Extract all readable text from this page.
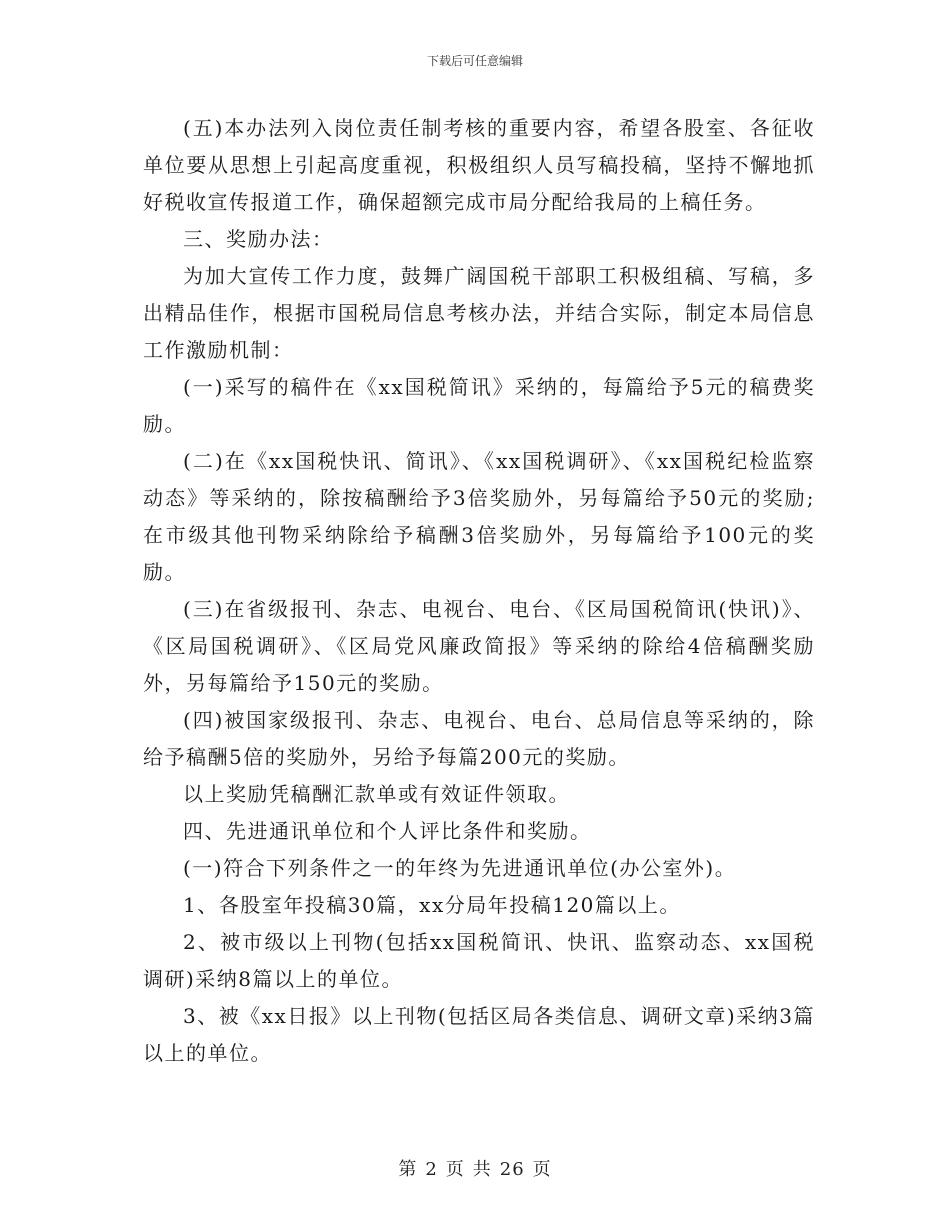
下载后可任意编辑

(五)本办法列入岗位责任制考核的重要内容，希望各股室、各征收单位要从思想上引起高度重视，积极组织人员写稿投稿，坚持不懈地抓好税收宣传报道工作，确保超额完成市局分配给我局的上稿任务。

三、奖励办法：

为加大宣传工作力度，鼓舞广阔国税干部职工积极组稿、写稿，多出精品佳作，根据市国税局信息考核办法，并结合实际，制定本局信息工作激励机制：

(一)采写的稿件在《xx国税简讯》采纳的，每篇给予5元的稿费奖励。

(二)在《xx国税快讯、简讯》、《xx国税调研》、《xx国税纪检监察动态》等采纳的，除按稿酬给予3倍奖励外，另每篇给予50元的奖励;在市级其他刊物采纳除给予稿酬3倍奖励外，另每篇给予100元的奖励。

(三)在省级报刊、杂志、电视台、电台、《区局国税简讯(快讯)》、《区局国税调研》、《区局党风廉政简报》等采纳的除给4倍稿酬奖励外，另每篇给予150元的奖励。

(四)被国家级报刊、杂志、电视台、电台、总局信息等采纳的，除给予稿酬5倍的奖励外，另给予每篇200元的奖励。

以上奖励凭稿酬汇款单或有效证件领取。

四、先进通讯单位和个人评比条件和奖励。

(一)符合下列条件之一的年终为先进通讯单位(办公室外)。

1、各股室年投稿30篇，xx分局年投稿120篇以上。

2、被市级以上刊物(包括xx国税简讯、快讯、监察动态、xx国税调研)采纳8篇以上的单位。

3、被《xx日报》以上刊物(包括区局各类信息、调研文章)采纳3篇以上的单位。

第 2 页 共 26 页
